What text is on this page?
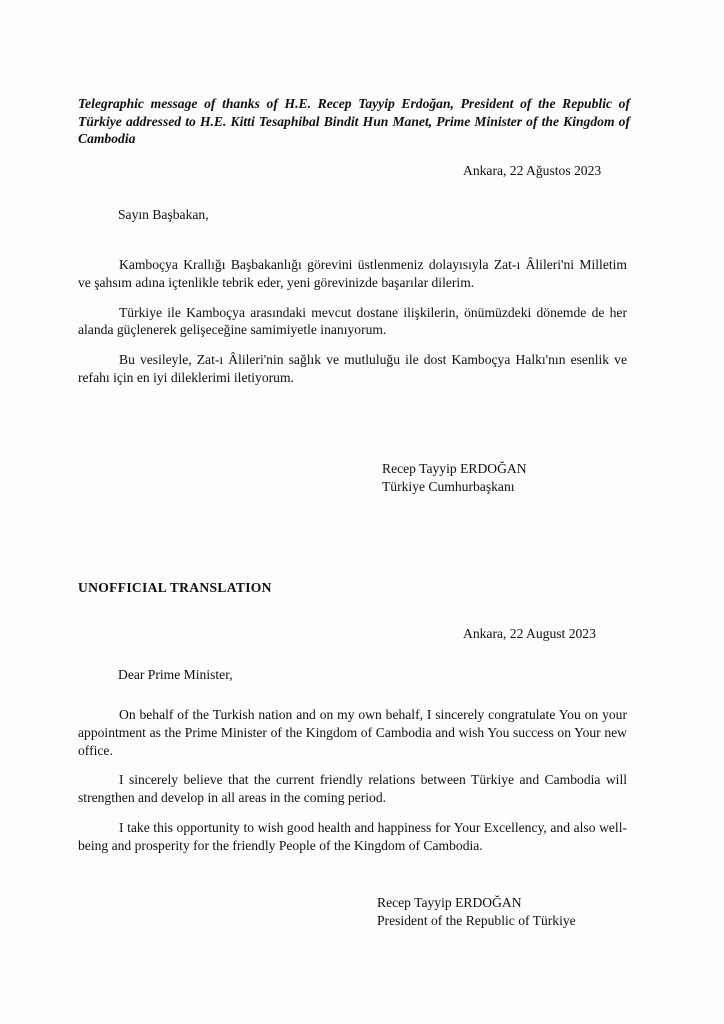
Telegraphic message of thanks of H.E. Recep Tayyip Erdoğan, President of the Republic of Türkiye addressed to H.E. Kitti Tesaphibal Bindit Hun Manet, Prime Minister of the Kingdom of Cambodia

Ankara, 22 Ağustos 2023
Sayın Başbakan,

Kamboçya Krallığı Başbakanlığı görevini üstlenmeniz dolayısıyla Zat-ı Âlileri'ni Milletim ve şahsım adına içtenlikle tebrik eder, yeni görevinizde başarılar dilerim.

Türkiye ile Kamboçya arasındaki mevcut dostane ilişkilerin, önümüzdeki dönemde de her alanda güçlenerek gelişeceğine samimiyetle inanıyorum.

Bu vesileyle, Zat-ı Âlileri'nin sağlık ve mutluluğu ile dost Kamboçya Halkı'nın esenlik ve refahı için en iyi dileklerimi iletiyorum.

Recep Tayyip ERDOĞAN
Türkiye Cumhurbaşkanı
UNOFFICIAL TRANSLATION
Ankara, 22 August 2023
Dear Prime Minister,

On behalf of the Turkish nation and on my own behalf, I sincerely congratulate You on your appointment as the Prime Minister of the Kingdom of Cambodia and wish You success on Your new office.

I sincerely believe that the current friendly relations between Türkiye and Cambodia will strengthen and develop in all areas in the coming period.

I take this opportunity to wish good health and happiness for Your Excellency, and also well-being and prosperity for the friendly People of the Kingdom of Cambodia.

Recep Tayyip ERDOĞAN
President of the Republic of Türkiye
